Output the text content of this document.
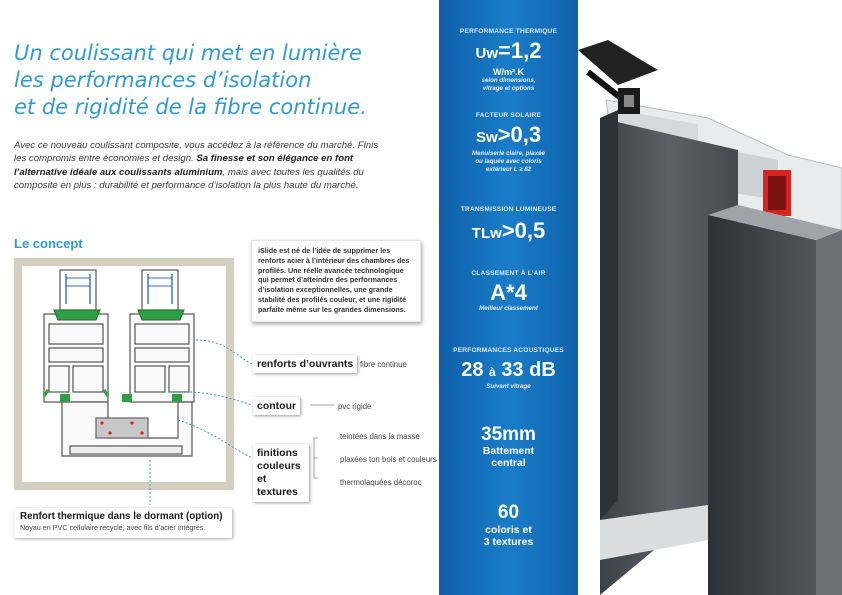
Un coulissant qui met en lumière
les performances d’isolation
et de rigidité de la fibre continue.
Avec ce nouveau coulissant composite, vous accédez à la référence du marché. Finis les compromis entre économies et design. Sa finesse et son élégance en font l’alternative idéale aux coulissants aluminium, mais avec toutes les qualités du composite en plus : durabilité et performance d’isolation la plus haute du marché.
Le concept	iSlide est né de l’idée de supprimer les renforts acier à l’intérieur des chambres des profilés. Une réelle avancée technologique qui permet d’atteindre des performances d’isolation exceptionnelles, une grande stabilité des profilés couleur, et une rigidité parfaite même sur les grandes dimensions.
renforts d’ouvrants fibre continue
contour	pvc rigide
finitions
couleurs
et textures
teintées dans la masse
plaxées ton bois et couleurs
thermolaquées décoroc
Renfort thermique dans le dormant (option)
Noyau en PVC cellulaire recyclé, avec fils d’acier intégrés.
PERFORMANCE THERMIQUE
Uw=1,2
W/m².K
selon dimensions,
vitrage et options
FACTEUR SOLAIRE
Sw>0,3
Menuiserie claire, plaxée
ou laquée avec coloris
extérieur L ≥ 82
TRANSMISSION LUMINEUSE
TLw>0,5
CLASSEMENT À L’AIR
A*4
Meilleur classement
PERFORMANCES ACOUSTIQUES
28 à 33 dB
Suivant vitrage
35mm
Battement
central
60
coloris et
3 textures
